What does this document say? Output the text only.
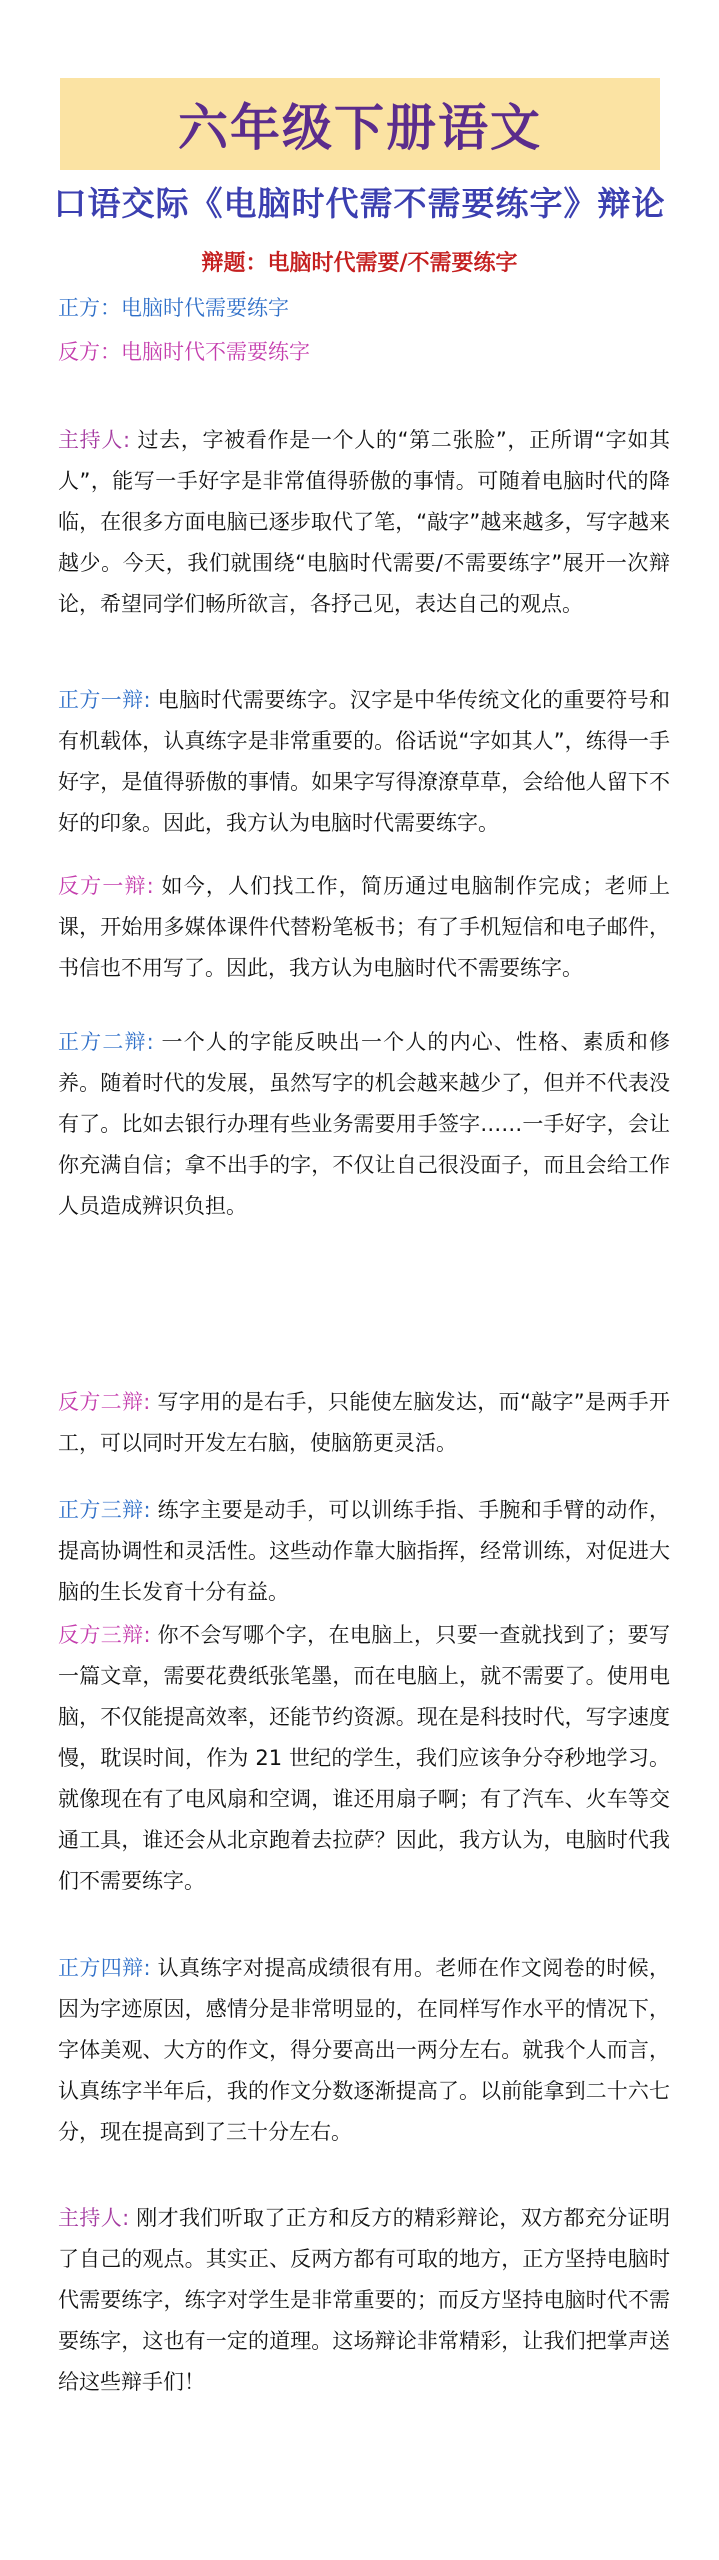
六年级下册语文
口语交际《电脑时代需不需要练字》辩论
辩题：电脑时代需要/不需要练字
正方：电脑时代需要练字
反方：电脑时代不需要练字

主持人: 过去，字被看作是一个人的“第二张脸”，正所谓“字如其人”，能写一手好字是非常值得骄傲的事情。可随着电脑时代的降临，在很多方面电脑已逐步取代了笔，“敲字”越来越多，写字越来越少。今天，我们就围绕“电脑时代需要/不需要练字”展开一次辩论，希望同学们畅所欲言，各抒己见，表达自己的观点。

正方一辩: 电脑时代需要练字。汉字是中华传统文化的重要符号和有机载体，认真练字是非常重要的。俗话说“字如其人”，练得一手好字，是值得骄傲的事情。如果字写得潦潦草草，会给他人留下不好的印象。因此，我方认为电脑时代需要练字。

反方一辩: 如今，人们找工作，简历通过电脑制作完成；老师上课，开始用多媒体课件代替粉笔板书；有了手机短信和电子邮件，书信也不用写了。因此，我方认为电脑时代不需要练字。

正方二辩: 一个人的字能反映出一个人的内心、性格、素质和修养。随着时代的发展，虽然写字的机会越来越少了，但并不代表没有了。比如去银行办理有些业务需要用手签字……一手好字，会让你充满自信；拿不出手的字，不仅让自己很没面子，而且会给工作人员造成辨识负担。

反方二辩: 写字用的是右手，只能使左脑发达，而“敲字”是两手开工，可以同时开发左右脑，使脑筋更灵活。

正方三辩: 练字主要是动手，可以训练手指、手腕和手臂的动作，提高协调性和灵活性。这些动作靠大脑指挥，经常训练，对促进大脑的生长发育十分有益。

反方三辩: 你不会写哪个字，在电脑上，只要一查就找到了；要写一篇文章，需要花费纸张笔墨，而在电脑上，就不需要了。使用电脑，不仅能提高效率，还能节约资源。现在是科技时代，写字速度慢，耽误时间，作为 21 世纪的学生，我们应该争分夺秒地学习。就像现在有了电风扇和空调，谁还用扇子啊；有了汽车、火车等交通工具，谁还会从北京跑着去拉萨？因此，我方认为，电脑时代我们不需要练字。

正方四辩: 认真练字对提高成绩很有用。老师在作文阅卷的时候，因为字迹原因，感情分是非常明显的，在同样写作水平的情况下，字体美观、大方的作文，得分要高出一两分左右。就我个人而言，认真练字半年后，我的作文分数逐渐提高了。以前能拿到二十六七分，现在提高到了三十分左右。

主持人: 刚才我们听取了正方和反方的精彩辩论，双方都充分证明了自己的观点。其实正、反两方都有可取的地方，正方坚持电脑时代需要练字，练字对学生是非常重要的；而反方坚持电脑时代不需要练字，这也有一定的道理。这场辩论非常精彩，让我们把掌声送给这些辩手们！
